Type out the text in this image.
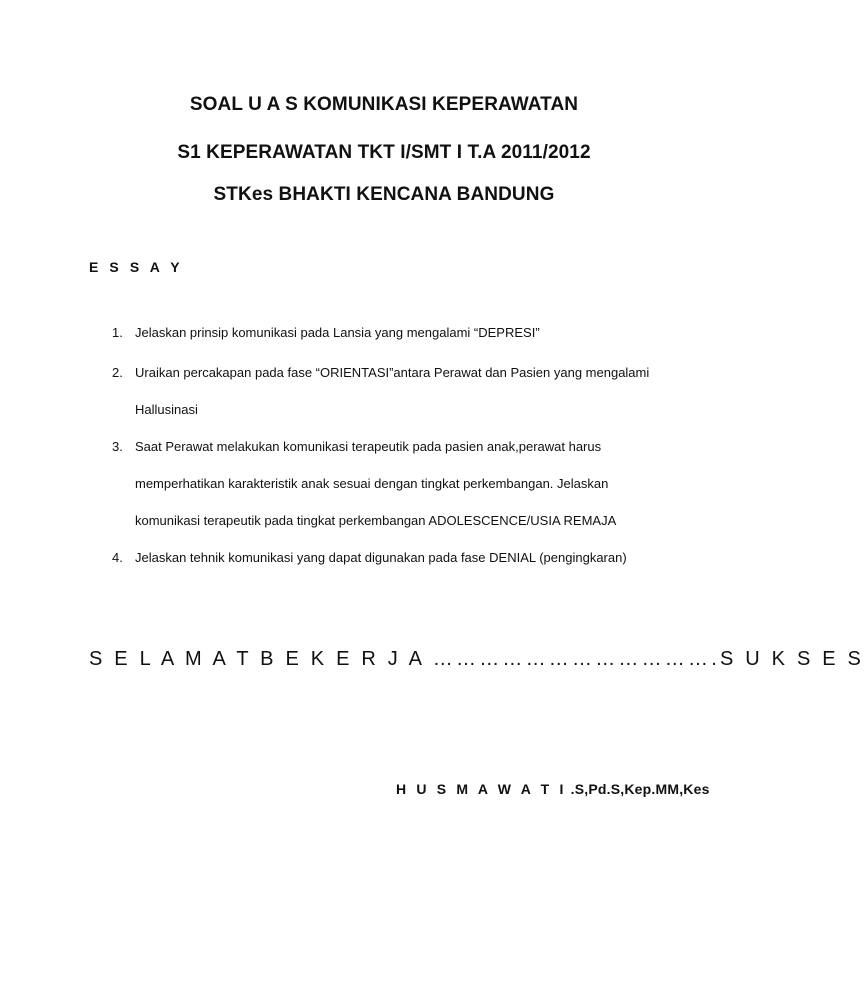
SOAL U A S KOMUNIKASI KEPERAWATAN
S1 KEPERAWATAN TKT I/SMT I T.A 2011/2012
STKes BHAKTI KENCANA BANDUNG
E S S A Y
1. Jelaskan prinsip komunikasi pada Lansia yang mengalami “DEPRESI”
2. Uraikan percakapan pada fase “ORIENTASI”antara Perawat dan Pasien yang mengalami
Hallusinasi
3. Saat Perawat melakukan komunikasi terapeutik pada pasien anak,perawat harus
memperhatikan karakteristik anak sesuai dengan tingkat perkembangan. Jelaskan
komunikasi terapeutik pada tingkat perkembangan ADOLESCENCE/USIA REMAJA
4. Jelaskan tehnik komunikasi yang dapat digunakan pada fase DENIAL (pengingkaran)
S E L A M A T B E K E R J A ……………………………….S U K S E S
H U S M A W A T I .S,Pd.S,Kep.MM,Kes
